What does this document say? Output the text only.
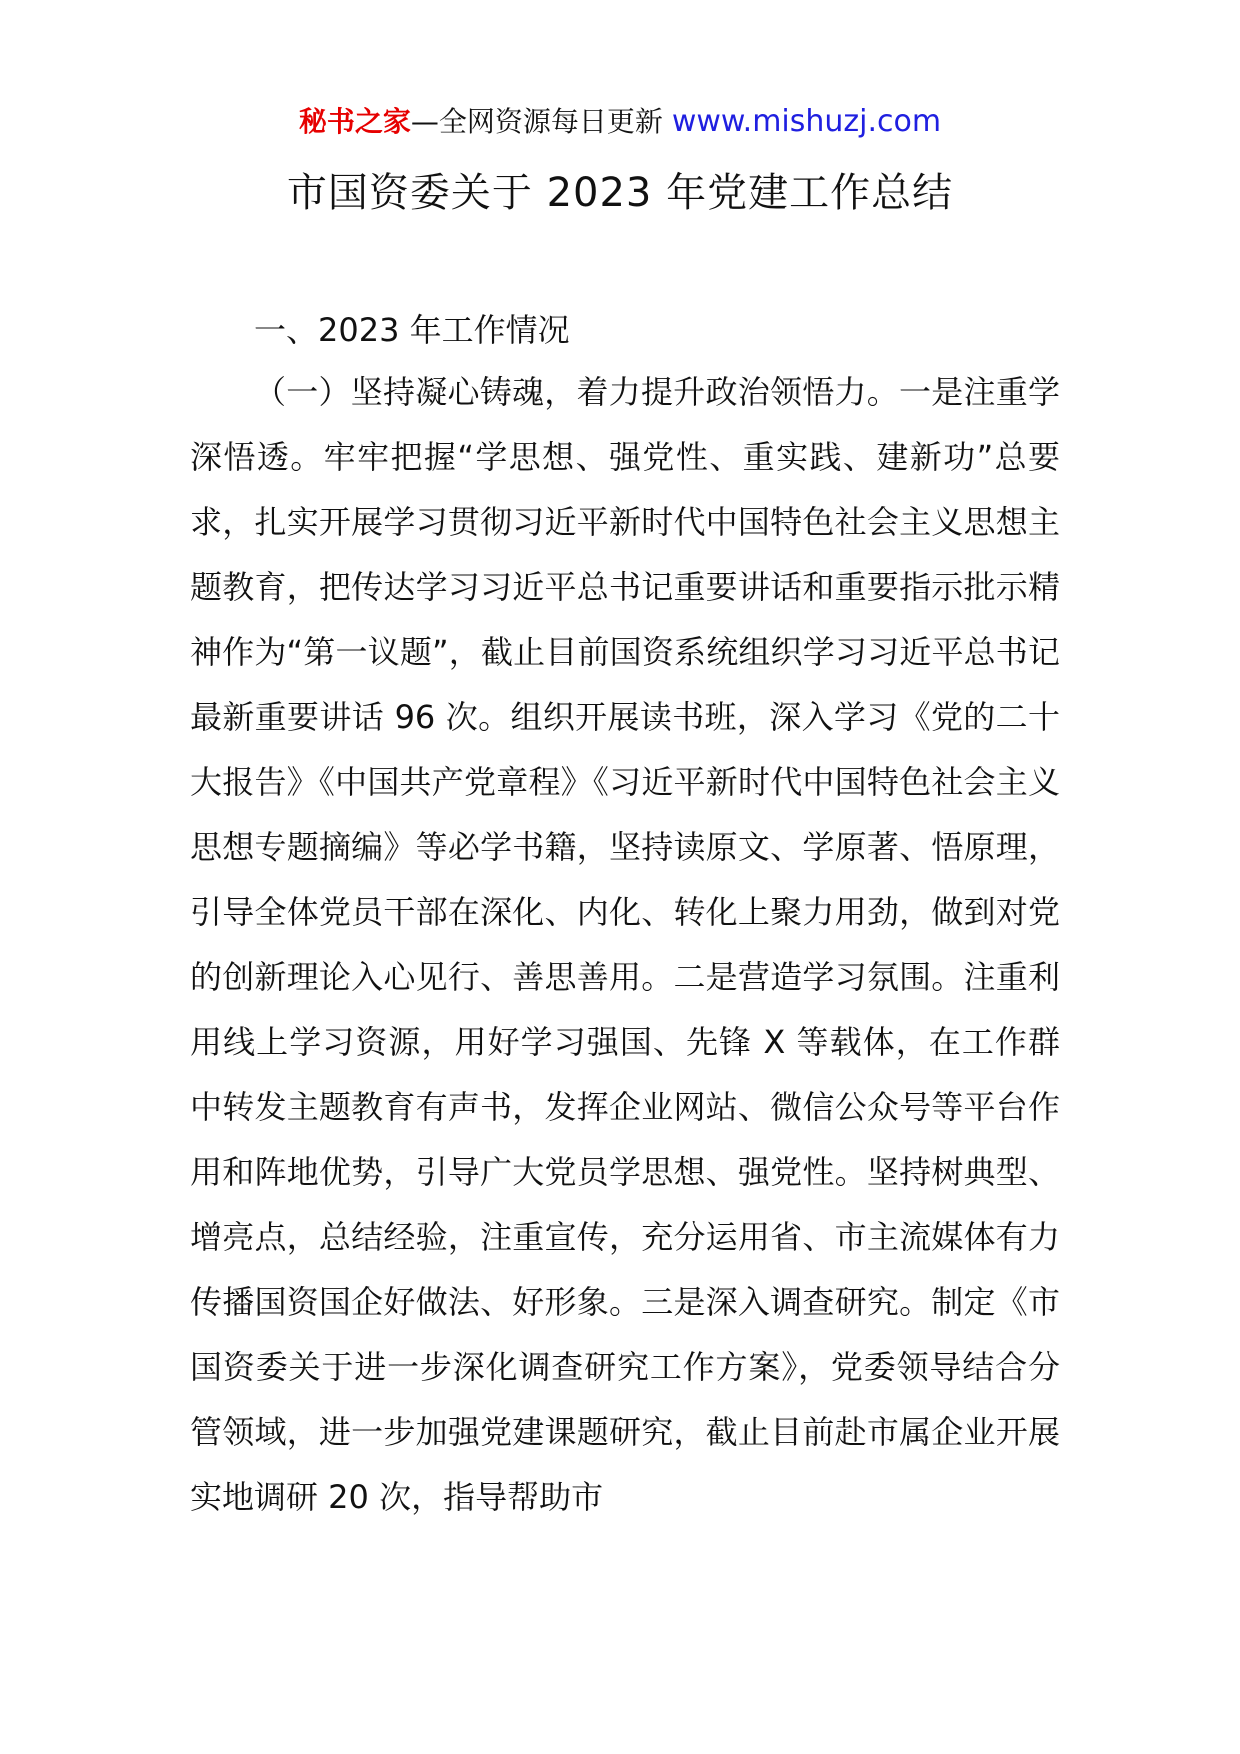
秘书之家—全网资源每日更新 www.mishuzj.com
市国资委关于 2023 年党建工作总结

一、2023 年工作情况

（一）坚持凝心铸魂，着力提升政治领悟力。一是注重学深悟透。牢牢把握“学思想、强党性、重实践、建新功”总要求，扎实开展学习贯彻习近平新时代中国特色社会主义思想主题教育，把传达学习习近平总书记重要讲话和重要指示批示精神作为“第一议题”，截止目前国资系统组织学习习近平总书记最新重要讲话 96 次。组织开展读书班，深入学习《党的二十大报告》《中国共产党章程》《习近平新时代中国特色社会主义思想专题摘编》等必学书籍，坚持读原文、学原著、悟原理，引导全体党员干部在深化、内化、转化上聚力用劲，做到对党的创新理论入心见行、善思善用。二是营造学习氛围。注重利用线上学习资源，用好学习强国、先锋 X 等载体，在工作群中转发主题教育有声书，发挥企业网站、微信公众号等平台作用和阵地优势，引导广大党员学思想、强党性。坚持树典型、增亮点，总结经验，注重宣传，充分运用省、市主流媒体有力传播国资国企好做法、好形象。三是深入调查研究。制定《市国资委关于进一步深化调查研究工作方案》，党委领导结合分管领域，进一步加强党建课题研究，截止目前赴市属企业开展实地调研 20 次，指导帮助市
